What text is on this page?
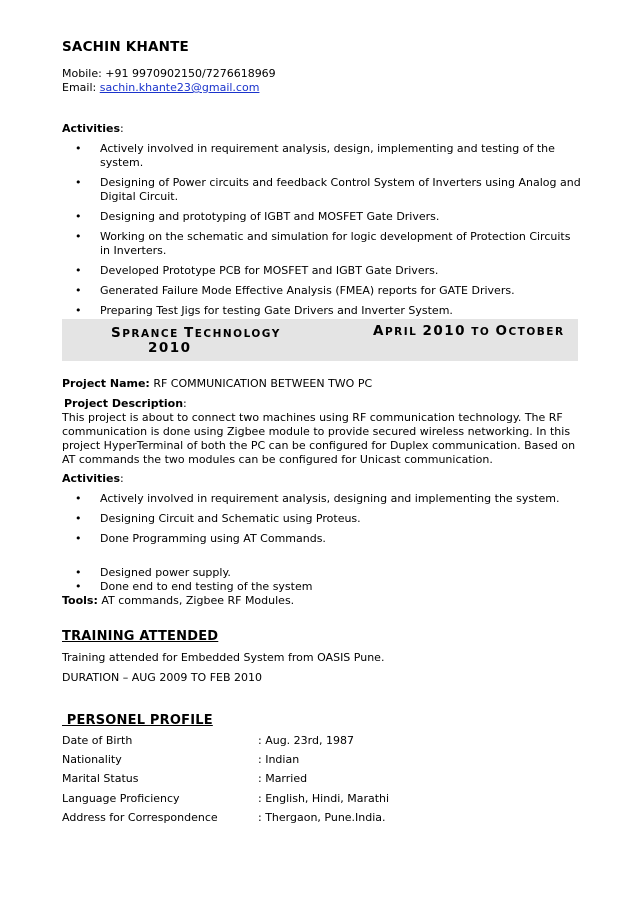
SACHIN KHANTE
Mobile: +91 9970902150/7276618969
Email: sachin.khante23@gmail.com
Activities:
• Actively involved in requirement analysis, design, implementing and testing of the system.
• Designing of Power circuits and feedback Control System of Inverters using Analog and Digital Circuit.
• Designing and prototyping of IGBT and MOSFET Gate Drivers.
• Working on the schematic and simulation for logic development of Protection Circuits in Inverters.
• Developed Prototype PCB for MOSFET and IGBT Gate Drivers.
• Generated Failure Mode Effective Analysis (FMEA) reports for GATE Drivers.
• Preparing Test Jigs for testing Gate Drivers and Inverter System.
SPRANCE TECHNOLOGY	APRIL 2010 TO OCTOBER
2010
Project Name: RF COMMUNICATION BETWEEN TWO PC
Project Description:
This project is about to connect two machines using RF communication technology. The RF communication is done using Zigbee module to provide secured wireless networking. In this project HyperTerminal of both the PC can be configured for Duplex communication. Based on AT commands the two modules can be configured for Unicast communication.
Activities:
• Actively involved in requirement analysis, designing and implementing the system.
• Designing Circuit and Schematic using Proteus.
• Done Programming using AT Commands.
• Designed power supply.
• Done end to end testing of the system
Tools: AT commands, Zigbee RF Modules.
TRAINING ATTENDED
Training attended for Embedded System from OASIS Pune.
DURATION – AUG 2009 TO FEB 2010
PERSONEL PROFILE
Date of Birth	: Aug. 23rd, 1987
Nationality	: Indian
Marital Status	: Married
Language Proficiency	: English, Hindi, Marathi
Address for Correspondence	: Thergaon, Pune.India.
